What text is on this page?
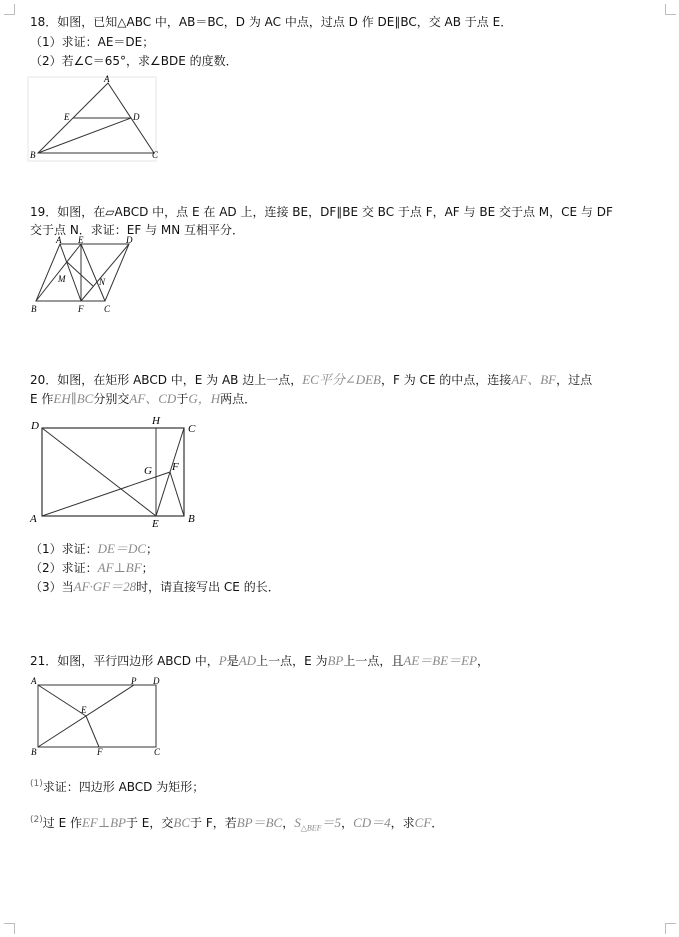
18．如图，已知△ABC 中，AB＝BC，D 为 AC 中点，过点 D 作 DE∥BC，交 AB 于点 E．
（1）求证：AE＝DE；
（2）若∠C＝65°，求∠BDE 的度数．
A
E	D
B	C
19．如图，在▱ABCD 中，点 E 在 AD 上，连接 BE，DF∥BE 交 BC 于点 F，AF 与 BE 交于点 M，CE 与 DF
交于点 N．求证：EF 与 MN 互相平分．
A E	D
M	N
B	F C
20．如图，在矩形 ABCD 中，E 为 AB 边上一点，EC平分∠DEB，F 为 CE 的中点，连接AF、BF，过点
E 作EH∥BC分别交AF、CD于G，H两点．
D	H
C
G F
A	E	B
（1）求证：DE＝DC；
（2）求证：AF⊥BF；
（3）当AF·GF＝28时，请直接写出 CE 的长．
21．如图，平行四边形 ABCD 中，P是AD上一点，E 为BP上一点，且AE＝BE＝EP，
A	P D
E
B	F	C
$^{(1)}$求证：四边形 ABCD 为矩形；
$^{(2)}$过 E 作EF⊥BP于 E，交BC于 F，若BP＝BC，$S_{\triangle BEF}=5$，CD＝4，求CF．
